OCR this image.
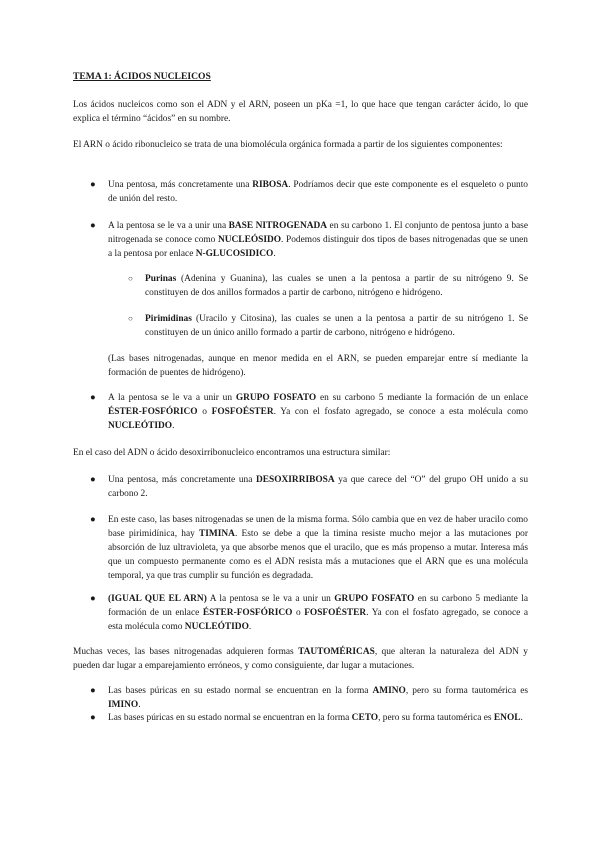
TEMA 1: ÁCIDOS NUCLEICOS
Los ácidos nucleicos como son el ADN y el ARN, poseen un pKa =1, lo que hace que tengan carácter ácido, lo que explica el término “ácidos” en su nombre.
El ARN o ácido ribonucleico se trata de una biomolécula orgánica formada a partir de los siguientes componentes:
●	Una pentosa, más concretamente una RIBOSA. Podríamos decir que este componente es el esqueleto o punto de unión del resto.
●	A la pentosa se le va a unir una BASE NITROGENADA en su carbono 1. El conjunto de pentosa junto a base nitrogenada se conoce como NUCLEÓSIDO. Podemos distinguir dos tipos de bases nitrogenadas que se unen a la pentosa por enlace N-GLUCOSIDICO.
○ Purinas (Adenina y Guanina), las cuales se unen a la pentosa a partir de su nitrógeno 9. Se constituyen de dos anillos formados a partir de carbono, nitrógeno e hidrógeno.
○ Pirimidinas (Uracilo y Citosina), las cuales se unen a la pentosa a partir de su nitrógeno 1. Se constituyen de un único anillo formado a partir de carbono, nitrógeno e hidrógeno.
(Las bases nitrogenadas, aunque en menor medida en el ARN, se pueden emparejar entre sí mediante la formación de puentes de hidrógeno).
●	A la pentosa se le va a unir un GRUPO FOSFATO en su carbono 5 mediante la formación de un enlace ÉSTER-FOSFÓRICO o FOSFOÉSTER. Ya con el fosfato agregado, se conoce a esta molécula como NUCLEÓTIDO.
En el caso del ADN o ácido desoxirribonucleico encontramos una estructura similar:
●	Una pentosa, más concretamente una DESOXIRRIBOSA ya que carece del “O” del grupo OH unido a su carbono 2.
●	En este caso, las bases nitrogenadas se unen de la misma forma. Sólo cambia que en vez de haber uracilo como base pirimidínica, hay TIMINA. Esto se debe a que la timina resiste mucho mejor a las mutaciones por absorción de luz ultravioleta, ya que absorbe menos que el uracilo, que es más propenso a mutar. Interesa más que un compuesto permanente como es el ADN resista más a mutaciones que el ARN que es una molécula temporal, ya que tras cumplir su función es degradada.
●	(IGUAL QUE EL ARN) A la pentosa se le va a unir un GRUPO FOSFATO en su carbono 5 mediante la formación de un enlace ÉSTER-FOSFÓRICO o FOSFOÉSTER. Ya con el fosfato agregado, se conoce a esta molécula como NUCLEÓTIDO.
Muchas veces, las bases nitrogenadas adquieren formas TAUTOMÉRICAS, que alteran la naturaleza del ADN y pueden dar lugar a emparejamiento erróneos, y como consiguiente, dar lugar a mutaciones.
●	Las bases púricas en su estado normal se encuentran en la forma AMINO, pero su forma tautomérica es IMINO.
●	Las bases púricas en su estado normal se encuentran en la forma CETO, pero su forma tautomérica es ENOL.
